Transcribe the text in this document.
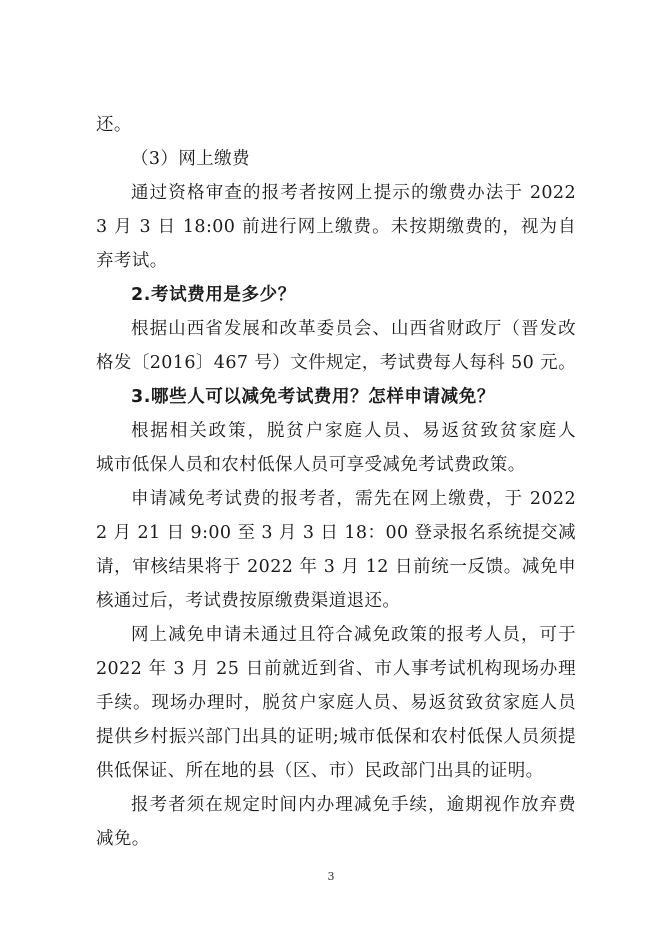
还。
（3）网上缴费
通过资格审查的报考者按网上提示的缴费办法于 2022
3 月 3 日 18:00 前进行网上缴费。未按期缴费的，视为自
弃考试。
2.考试费用是多少？
根据山西省发展和改革委员会、山西省财政厅（晋发改
格发〔2016〕467 号）文件规定，考试费每人每科 50 元。
3.哪些人可以减免考试费用？怎样申请减免？
根据相关政策，脱贫户家庭人员、易返贫致贫家庭人
城市低保人员和农村低保人员可享受减免考试费政策。
申请减免考试费的报考者，需先在网上缴费，于 2022
2 月 21 日 9:00 至 3 月 3 日 18：00 登录报名系统提交减
请，审核结果将于 2022 年 3 月 12 日前统一反馈。减免申
核通过后，考试费按原缴费渠道退还。
网上减免申请未通过且符合减免政策的报考人员，可于
2022 年 3 月 25 日前就近到省、市人事考试机构现场办理
手续。现场办理时，脱贫户家庭人员、易返贫致贫家庭人员
提供乡村振兴部门出具的证明;城市低保和农村低保人员须提
供低保证、所在地的县（区、市）民政部门出具的证明。
报考者须在规定时间内办理减免手续，逾期视作放弃费
减免。
3
